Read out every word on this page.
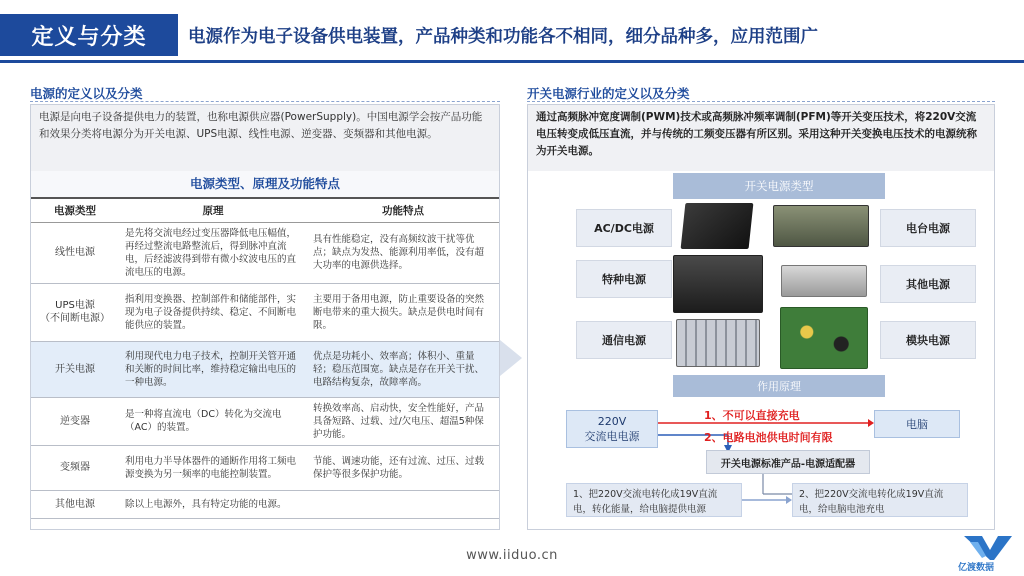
定义与分类	电源作为电子设备供电装置，产品种类和功能各不相同，细分品种多，应用范围广
电源的定义以及分类
电源是向电子设备提供电力的装置，也称电源供应器(PowerSupply)。中国电源学会按产品功能和效果分类将电源分为开关电源、UPS电源、线性电源、逆变器、变频器和其他电源。
电源类型、原理及功能特点
电源类型	原理	功能特点
线性电源	是先将交流电经过变压器降低电压幅值，再经过整流电路整流后，得到脉冲直流电，后经滤波得到带有微小纹波电压的直流电压的电源。	具有性能稳定，没有高频纹波干扰等优点；缺点为发热、能源利用率低，没有超大功率的电源供选择。
UPS电源
（不间断电源）	指利用变换器、控制部件和储能部件，实现为电子设备提供持续、稳定、不间断电能供应的装置。	主要用于备用电源，防止重要设备的突然断电带来的重大损失。缺点是供电时间有限。
开关电源	利用现代电力电子技术，控制开关管开通和关断的时间比率，维持稳定输出电压的一种电源。	优点是功耗小、效率高；体积小、重量轻；稳压范围宽。缺点是存在开关干扰、电路结构复杂，故障率高。
逆变器	是一种将直流电（DC）转化为交流电（AC）的装置。	转换效率高、启动快，安全性能好，产品具备短路、过载、过/欠电压、超温5种保护功能。
变频器	利用电力半导体器件的通断作用将工频电源变换为另一频率的电能控制装置。	节能、调速功能，还有过流、过压、过载保护等很多保护功能。
其他电源	除以上电源外，具有特定功能的电源。	
开关电源行业的定义以及分类
通过高频脉冲宽度调制(PWM)技术或高频脉冲频率调制(PFM)等开关变压技术，将220V交流电压转变成低压直流，并与传统的工频变压器有所区别。采用这种开关变换电压技术的电源统称为开关电源。
开关电源类型
AC/DC电源
特种电源
通信电源
电台电源
其他电源
模块电源
作用原理
220V
交流电电源
电脑
1、不可以直接充电
2、电路电池供电时间有限
开关电源标准产品-电源适配器
1、把220V交流电转化成19V直流电，转化能量，给电脑提供电源
2、把220V交流电转化成19V直流电，给电脑电池充电
www.iiduo.cn
亿渡数据
